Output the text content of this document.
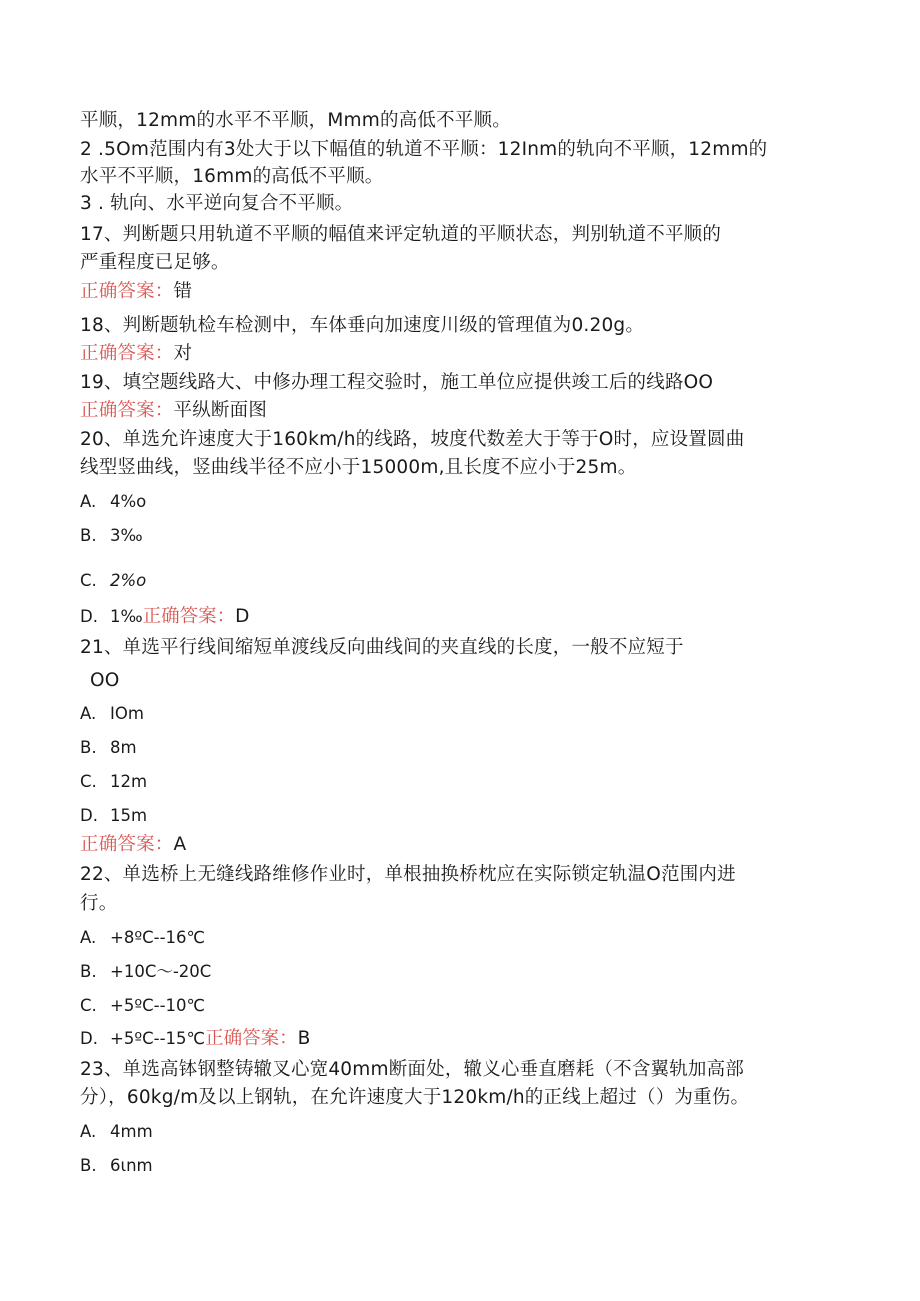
平顺，12mm的水平不平顺，Mmm的高低不平顺。
2 .5Om范围内有3处大于以下幅值的轨道不平顺：12Inm的轨向不平顺，12mm的
水平不平顺，16mm的高低不平顺。
3 . 轨向、水平逆向复合不平顺。
17、判断题只用轨道不平顺的幅值来评定轨道的平顺状态，判别轨道不平顺的
严重程度已足够。
正确答案：错
18、判断题轨检车检测中，车体垂向加速度川级的管理值为0.20g。
正确答案：对
19、填空题线路大、中修办理工程交验时，施工单位应提供竣工后的线路OO
正确答案：平纵断面图
20、单选允许速度大于160km∕h的线路，坡度代数差大于等于O时，应设置圆曲
线型竖曲线，竖曲线半径不应小于15000m,且长度不应小于25m。
A. 4%o
B. 3‰
C. 2%o
D. 1‰正确答案：D
21、单选平行线间缩短单渡线反向曲线间的夹直线的长度，一般不应短于
OO
A. IOm
B. 8m
C. 12m
D. 15m
正确答案：A
22、单选桥上无缝线路维修作业时，单根抽换桥枕应在实际锁定轨温O范围内进
行。
A. +8ºC--16℃
B. +10C〜-20C
C. +5ºC--10℃
D. +5ºC--15℃正确答案：B
23、单选高钵钢整铸辙叉心宽40mm断面处，辙义心垂直磨耗（不含翼轨加高部
分），60kg∕m及以上钢轨，在允许速度大于120km∕h的正线上超过（）为重伤。
A. 4mm
B. 6ιnm
